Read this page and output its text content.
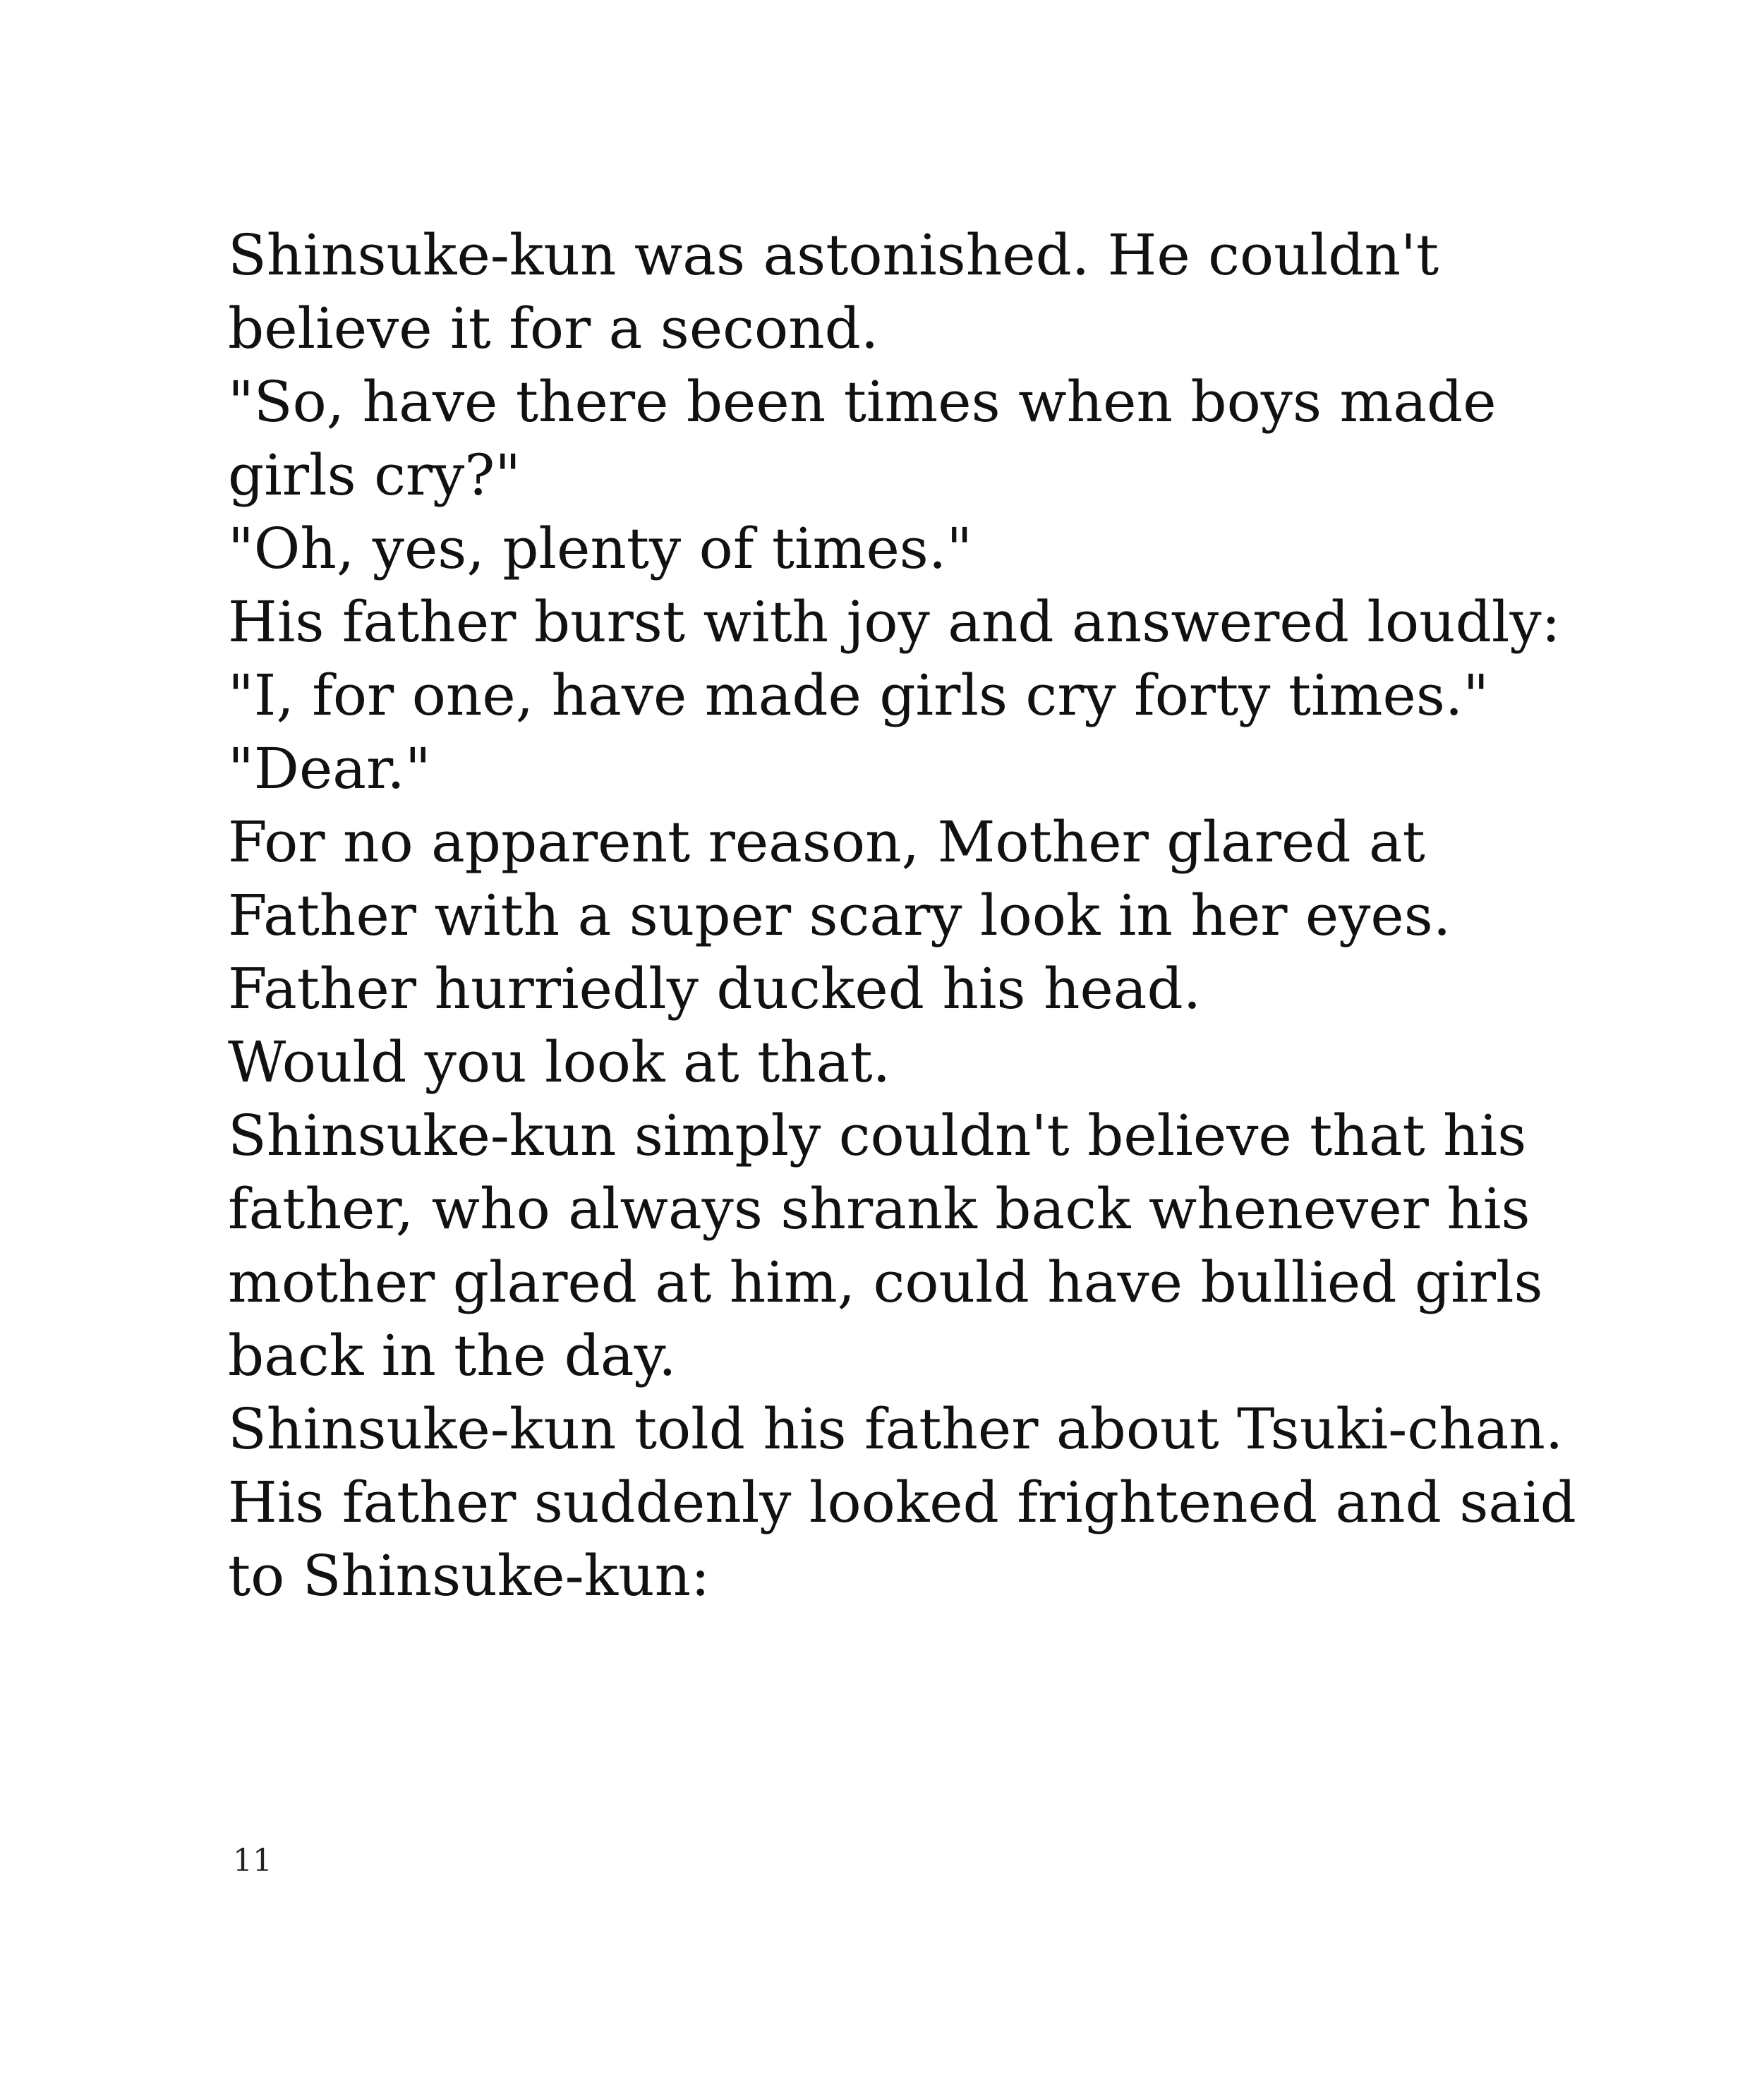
Shinsuke-kun was astonished. He couldn't
believe it for a second.
"So, have there been times when boys made
girls cry?"
"Oh, yes, plenty of times."
His father burst with joy and answered loudly:
"I, for one, have made girls cry forty times."
"Dear."
For no apparent reason, Mother glared at
Father with a super scary look in her eyes.
Father hurriedly ducked his head.
Would you look at that.
Shinsuke-kun simply couldn't believe that his
father, who always shrank back whenever his
mother glared at him, could have bullied girls
back in the day.
Shinsuke-kun told his father about Tsuki-chan.
His father suddenly looked frightened and said
to Shinsuke-kun:
11
